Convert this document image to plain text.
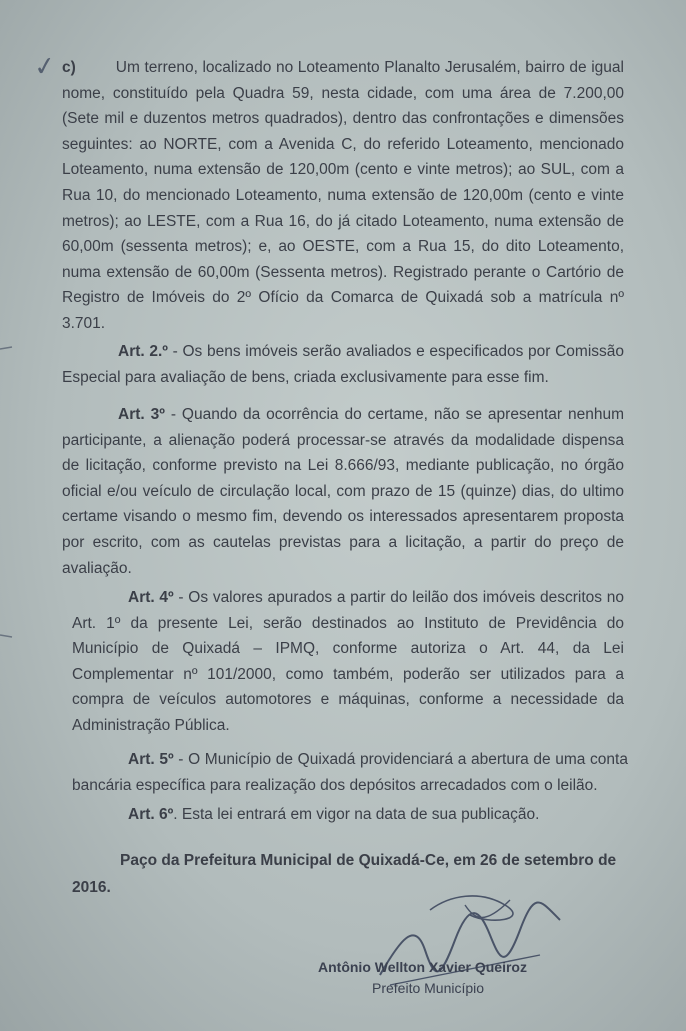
✓ c)	Um terreno, localizado no Loteamento Planalto Jerusalém, bairro de igual nome, constituído pela Quadra 59, nesta cidade, com uma área de 7.200,00 (Sete mil e duzentos metros quadrados), dentro das confrontações e dimensões seguintes: ao NORTE, com a Avenida C, do referido Loteamento, mencionado Loteamento, numa extensão de 120,00m (cento e vinte metros); ao SUL, com a Rua 10, do mencionado Loteamento, numa extensão de 120,00m (cento e vinte metros); ao LESTE, com a Rua 16, do já citado Loteamento, numa extensão de 60,00m (sessenta metros); e, ao OESTE, com a Rua 15, do dito Loteamento, numa extensão de 60,00m (Sessenta metros). Registrado perante o Cartório de Registro de Imóveis do 2º Ofício da Comarca de Quixadá sob a matrícula nº 3.701.

Art. 2.º - Os bens imóveis serão avaliados e especificados por Comissão Especial para avaliação de bens, criada exclusivamente para esse fim.

Art. 3º - Quando da ocorrência do certame, não se apresentar nenhum participante, a alienação poderá processar-se através da modalidade dispensa de licitação, conforme previsto na Lei 8.666/93, mediante publicação, no órgão oficial e/ou veículo de circulação local, com prazo de 15 (quinze) dias, do ultimo certame visando o mesmo fim, devendo os interessados apresentarem proposta por escrito, com as cautelas previstas para a licitação, a partir do preço de avaliação.

Art. 4º - Os valores apurados a partir do leilão dos imóveis descritos no Art. 1º da presente Lei, serão destinados ao Instituto de Previdência do Município de Quixadá – IPMQ, conforme autoriza o Art. 44, da Lei Complementar nº 101/2000, como também, poderão ser utilizados para a compra de veículos automotores e máquinas, conforme a necessidade da Administração Pública.

Art. 5º - O Município de Quixadá providenciará a abertura de uma conta bancária específica para realização dos depósitos arrecadados com o leilão.

Art. 6º. Esta lei entrará em vigor na data de sua publicação.

Paço da Prefeitura Municipal de Quixadá-Ce, em 26 de setembro de 2016.

Antônio Wellton Xavier Queiroz
Prefeito Município
